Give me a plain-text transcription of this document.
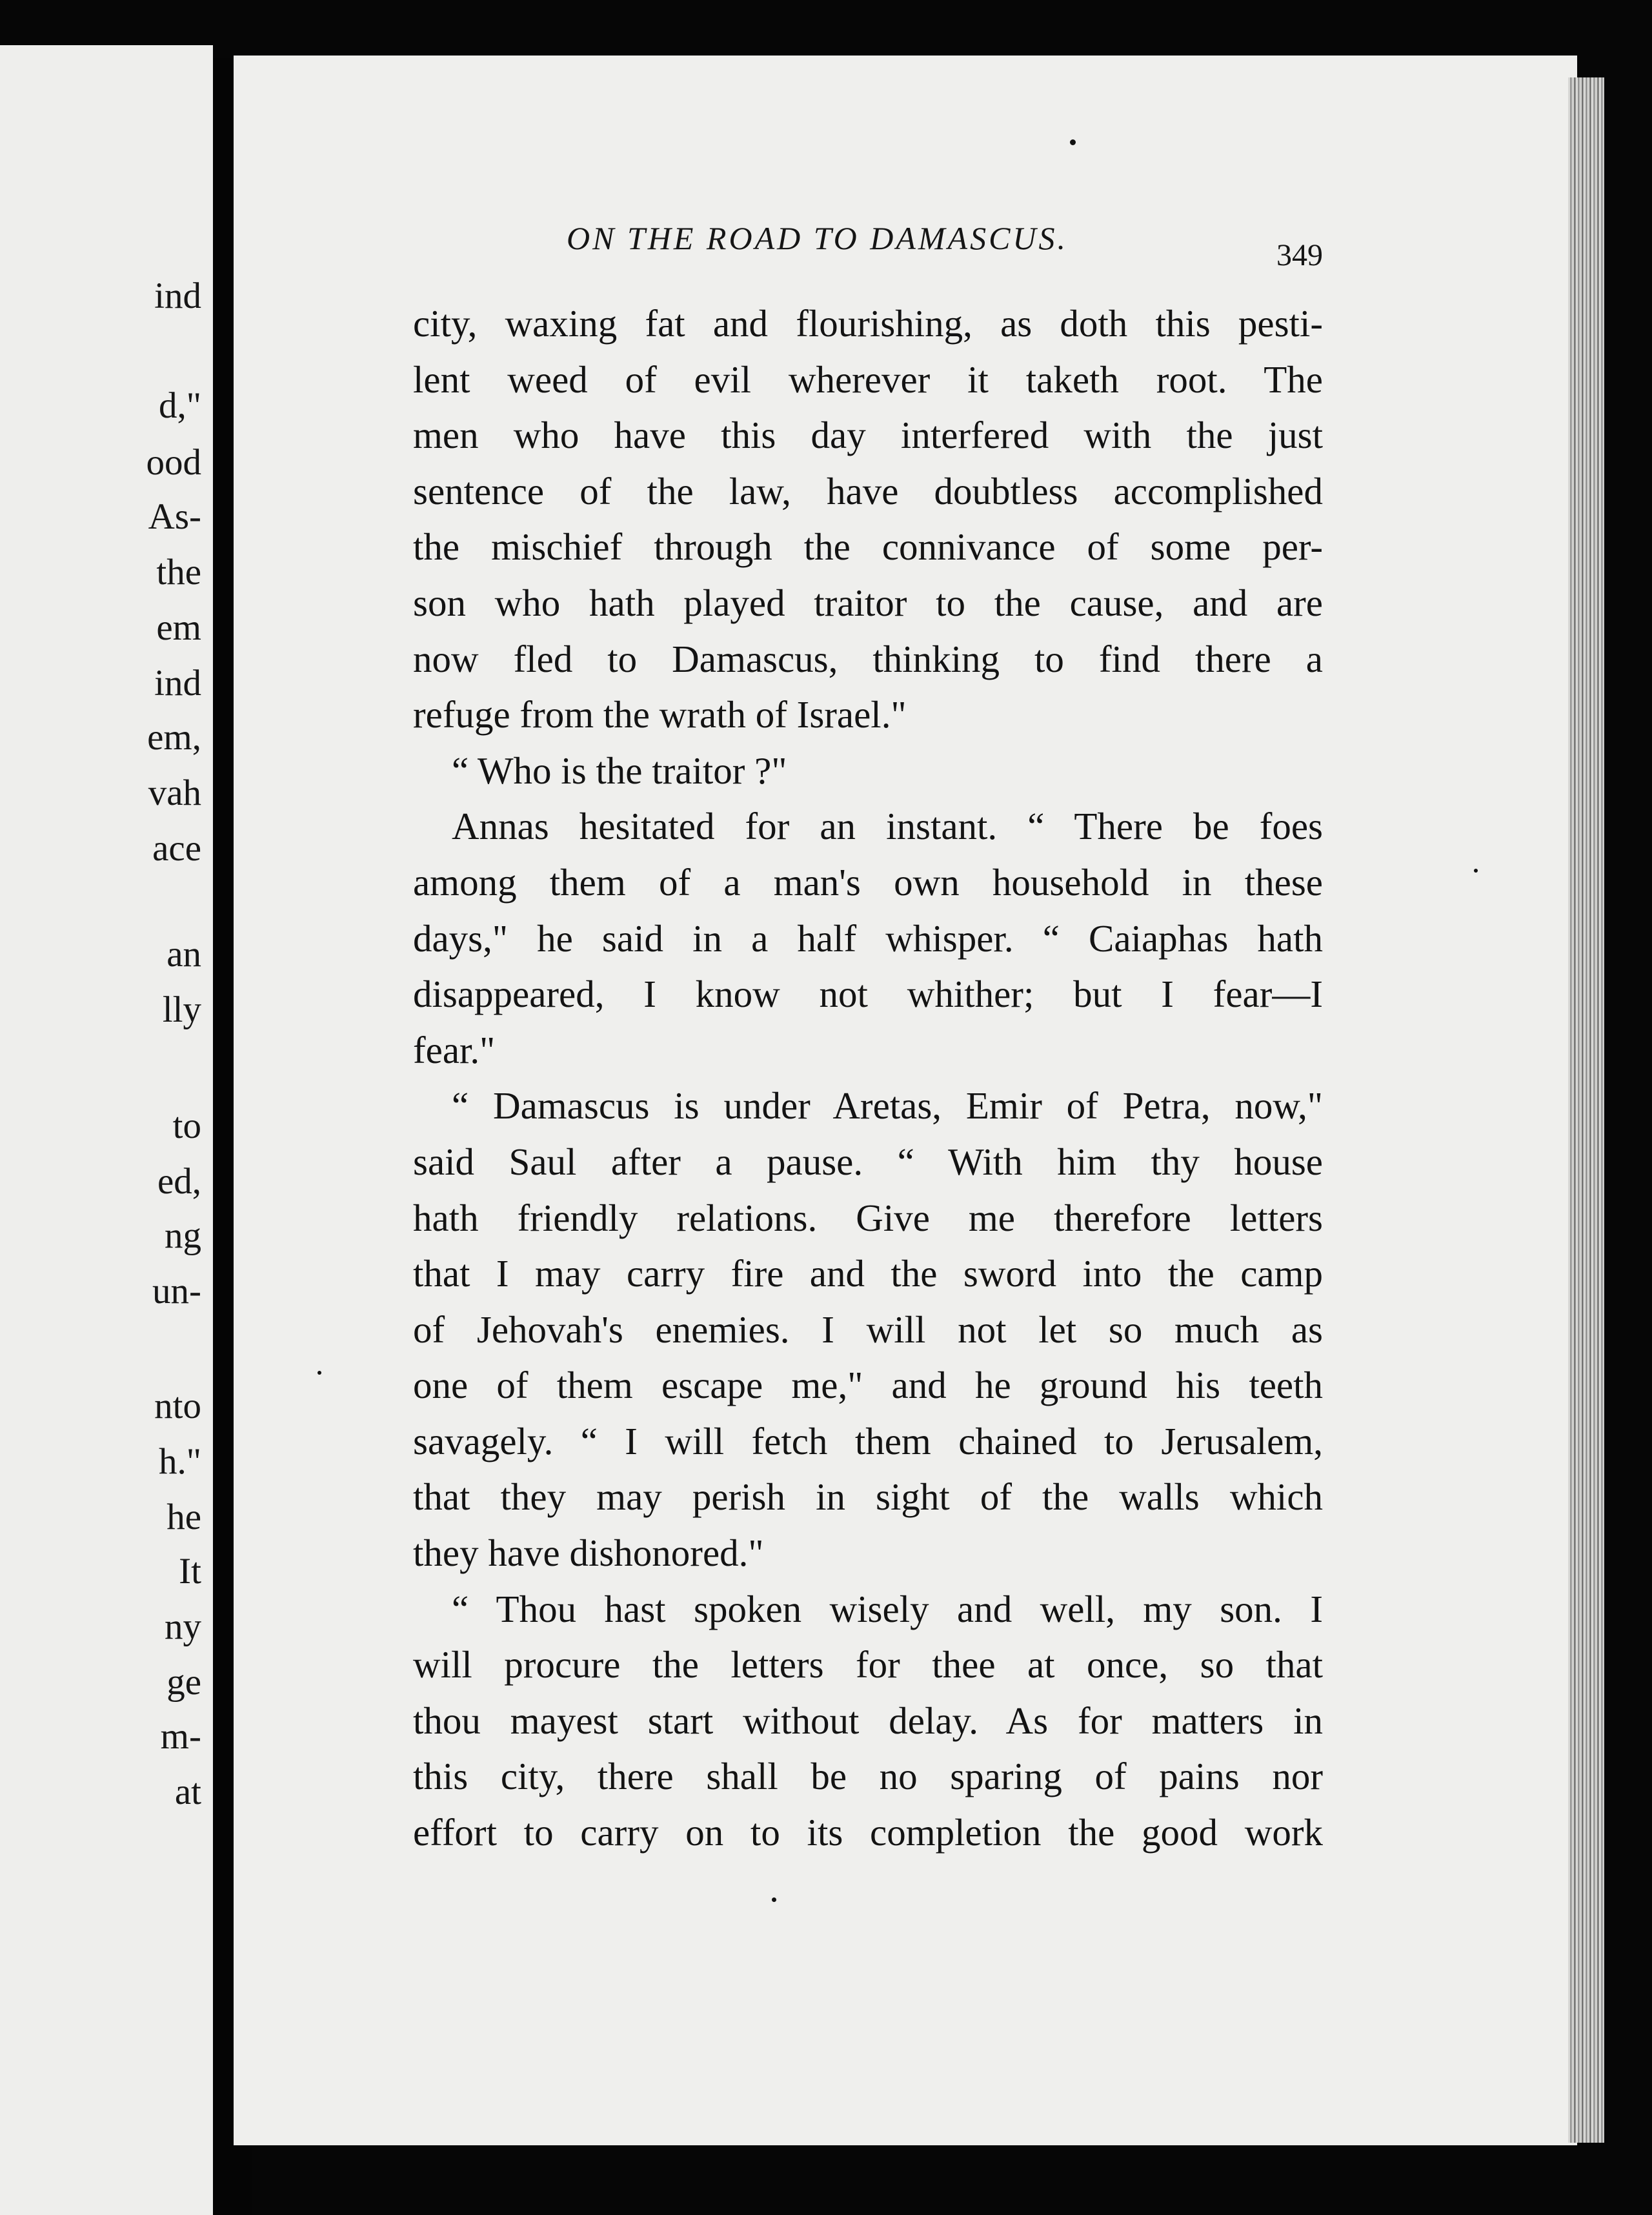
ind
d,"
ood
As-
the
em
ind
em,
vah
ace
an
lly
to
ed,
ng
un-
nto
h."
he
It
ny
ge
m-
at
ON THE ROAD TO DAMASCUS.	349
city, waxing fat and flourishing, as doth this pesti-
lent weed of evil wherever it taketh root. The
men who have this day interfered with the just
sentence of the law, have doubtless accomplished
the mischief through the connivance of some per-
son who hath played traitor to the cause, and are
now fled to Damascus, thinking to find there a
refuge from the wrath of Israel."
“ Who is the traitor ?"
Annas hesitated for an instant. “ There be foes
among them of a man's own household in these
days," he said in a half whisper. “ Caiaphas hath
disappeared, I know not whither; but I fear—I
fear."
“ Damascus is under Aretas, Emir of Petra, now,"
said Saul after a pause. “ With him thy house
hath friendly relations. Give me therefore letters
that I may carry fire and the sword into the camp
of Jehovah's enemies. I will not let so much as
one of them escape me," and he ground his teeth
savagely. “ I will fetch them chained to Jerusalem,
that they may perish in sight of the walls which
they have dishonored."
“ Thou hast spoken wisely and well, my son. I
will procure the letters for thee at once, so that
thou mayest start without delay. As for matters in
this city, there shall be no sparing of pains nor
effort to carry on to its completion the good work
